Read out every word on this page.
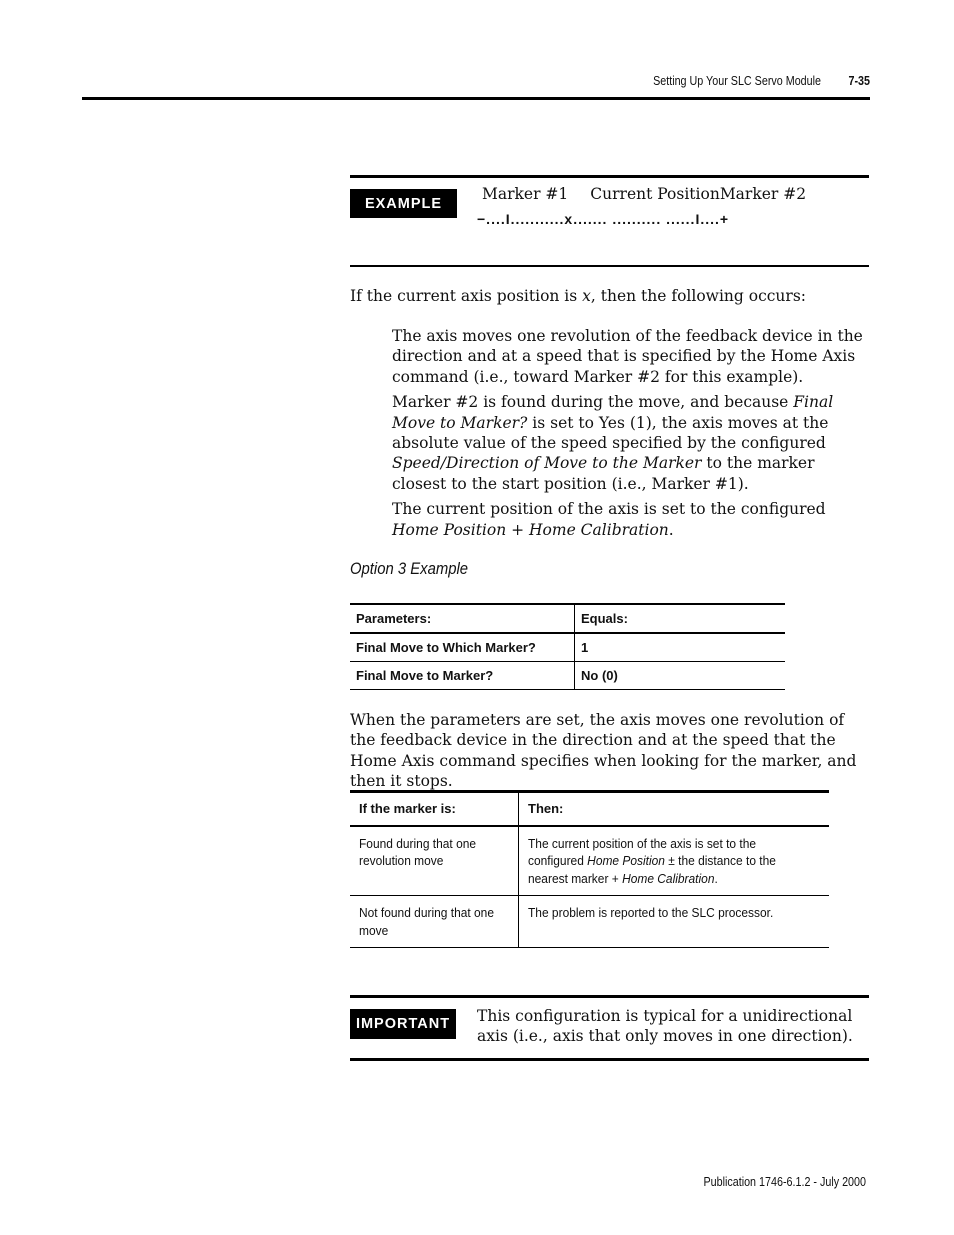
Setting Up Your SLC Servo Module	7-35
EXAMPLE
Marker #1 Current PositionMarker #2
−....I...........x....... .......... ......I....+
If the current axis position is x, then the following occurs:

The axis moves one revolution of the feedback device in the direction and at a speed that is specified by the Home Axis command (i.e., toward Marker #2 for this example).

Marker #2 is found during the move, and because Final Move to Marker? is set to Yes (1), the axis moves at the absolute value of the speed specified by the configured Speed/Direction of Move to the Marker to the marker closest to the start position (i.e., Marker #1).

The current position of the axis is set to the configured Home Position + Home Calibration.

Option 3 Example
Parameters:	Equals:
Final Move to Which Marker?	1
Final Move to Marker?	No (0)
When the parameters are set, the axis moves one revolution of the feedback device in the direction and at the speed that the Home Axis command specifies when looking for the marker, and then it stops.
If the marker is:	Then:
Found during that one revolution move	The current position of the axis is set to the configured Home Position ± the distance to the nearest marker + Home Calibration.
Not found during that one move	The problem is reported to the SLC processor.
IMPORTANT	This configuration is typical for a unidirectional axis (i.e., axis that only moves in one direction).
Publication 1746-6.1.2 - July 2000
